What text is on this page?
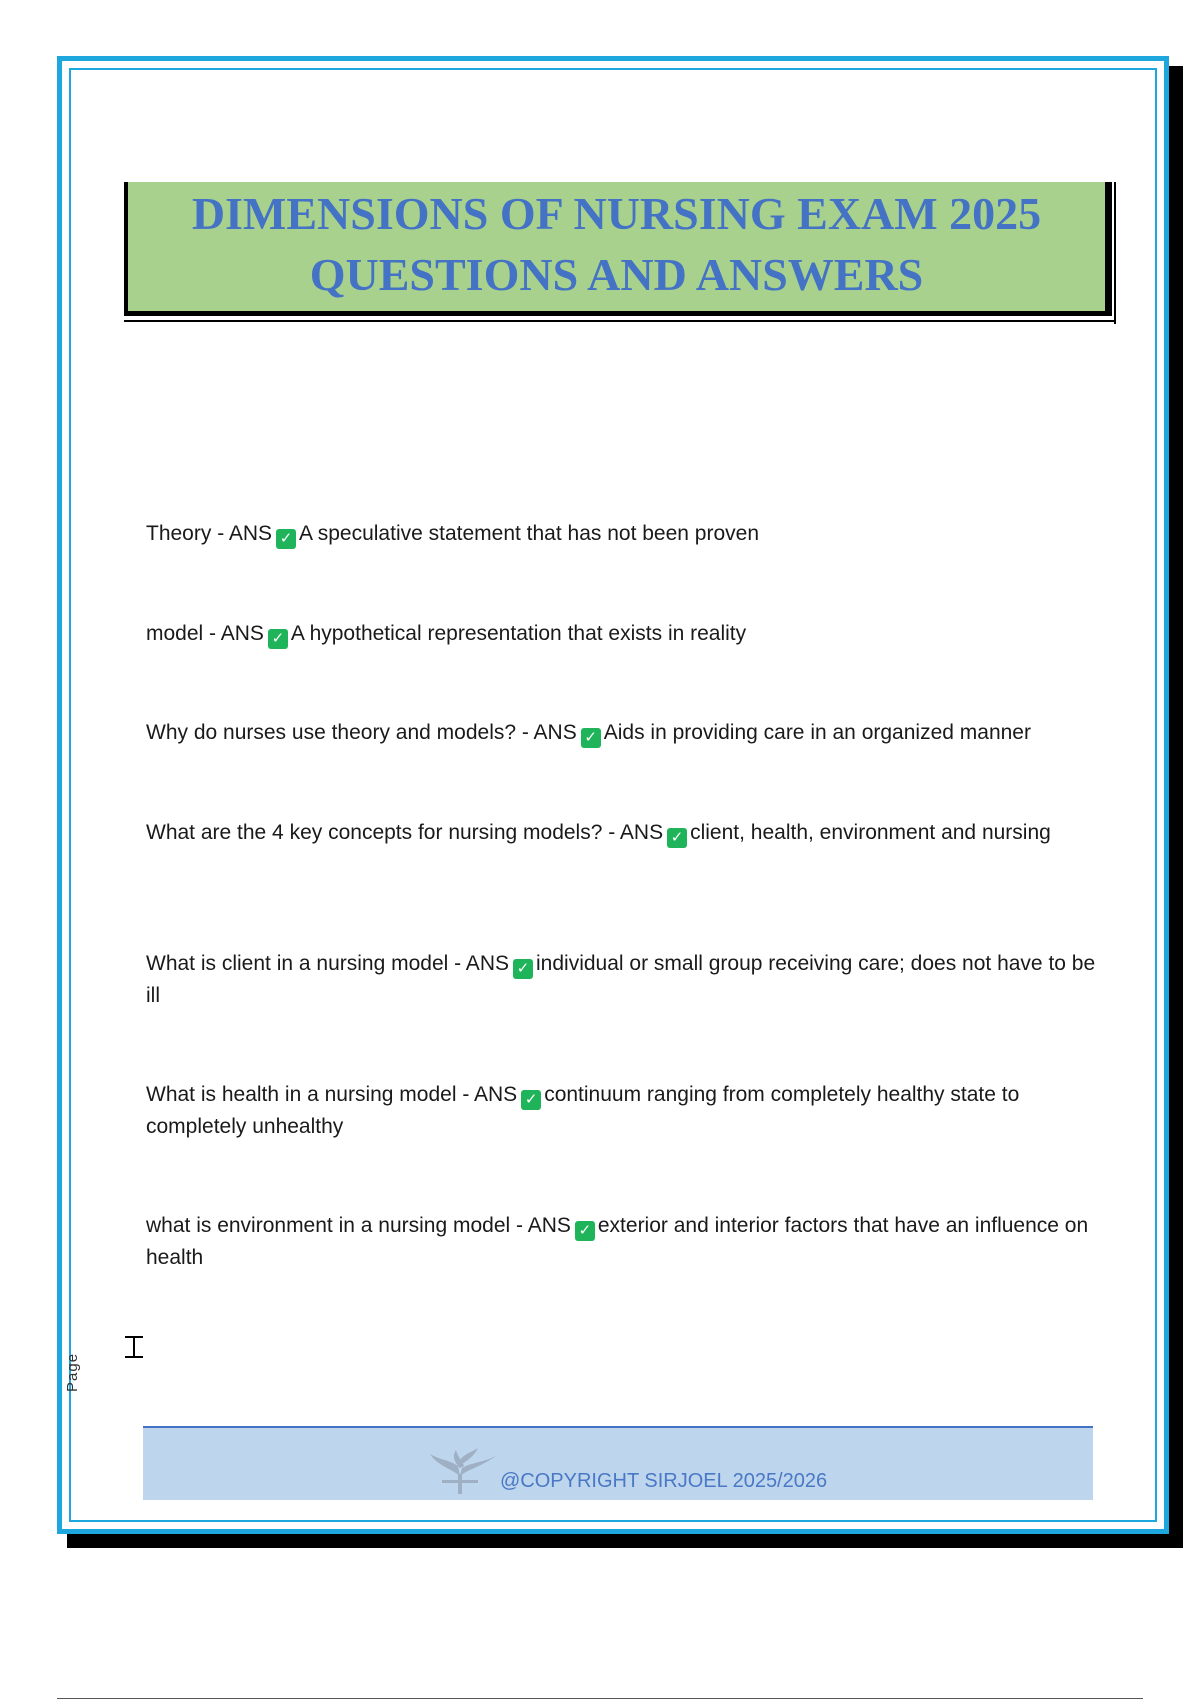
DIMENSIONS OF NURSING EXAM 2025
QUESTIONS AND ANSWERS

Theory - ANS ✓ A speculative statement that has not been proven

model - ANS ✓ A hypothetical representation that exists in reality

Why do nurses use theory and models? - ANS ✓ Aids in providing care in an organized manner

What are the 4 key concepts for nursing models? - ANS ✓ client, health, environment and nursing

What is client in a nursing model - ANS ✓ individual or small group receiving care; does not have to be ill

What is health in a nursing model - ANS ✓ continuum ranging from completely healthy state to completely unhealthy

what is environment in a nursing model - ANS ✓ exterior and interior factors that have an influence on health

Page
@COPYRIGHT SIRJOEL 2025/2026
